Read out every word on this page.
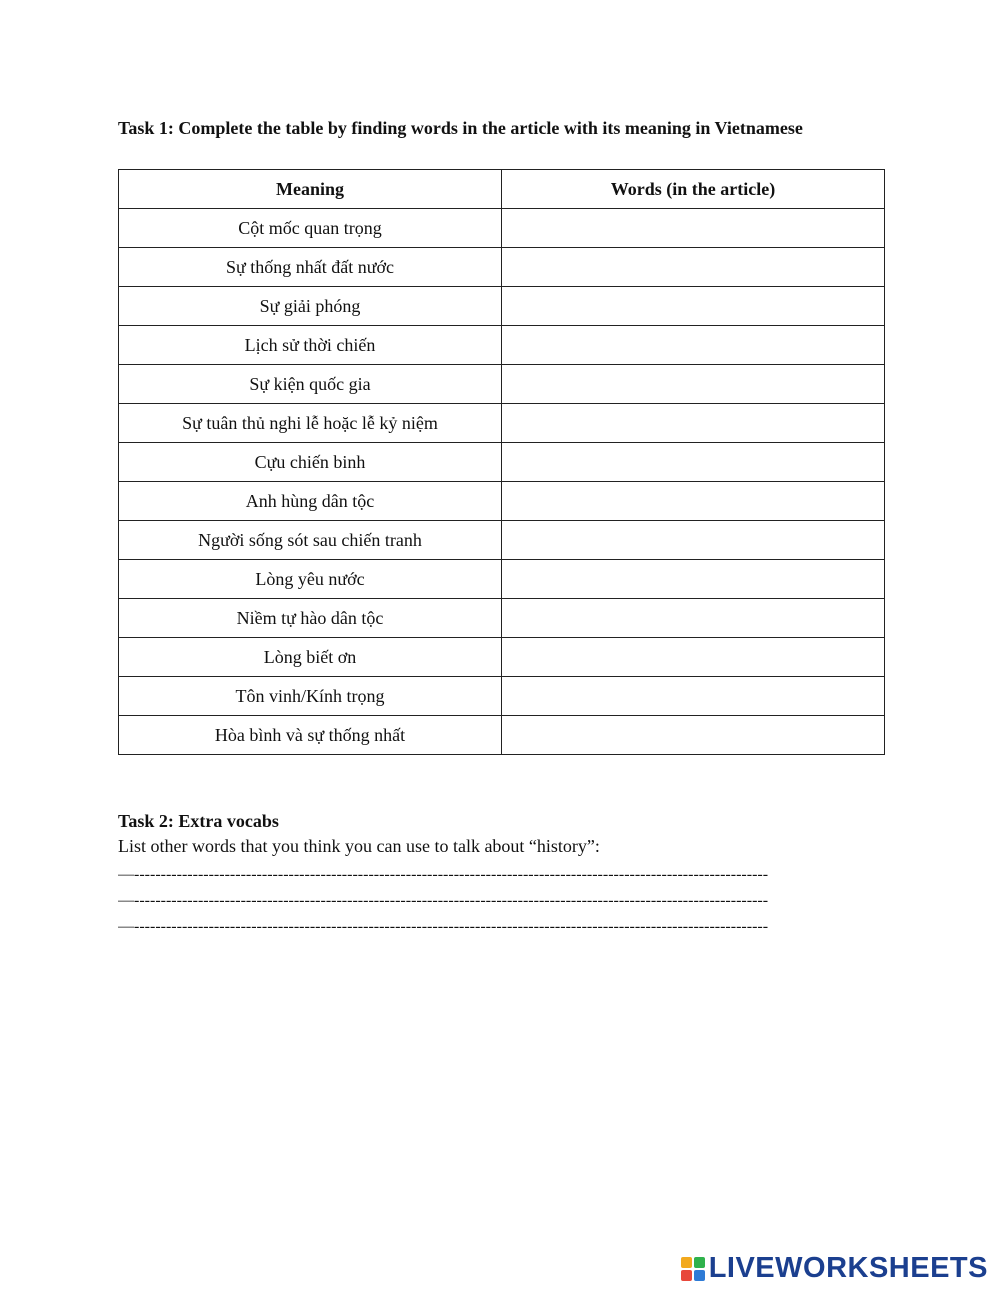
Task 1: Complete the table by finding words in the article with its meaning in Vietnamese
Meaning	Words (in the article)
Cột mốc quan trọng	
Sự thống nhất đất nước	
Sự giải phóng	
Lịch sử thời chiến	
Sự kiện quốc gia	
Sự tuân thủ nghi lễ hoặc lễ kỷ niệm	
Cựu chiến binh	
Anh hùng dân tộc	
Người sống sót sau chiến tranh	
Lòng yêu nước	
Niềm tự hào dân tộc	
Lòng biết ơn	
Tôn vinh/Kính trọng	
Hòa bình và sự thống nhất	
Task 2: Extra vocabs
List other words that you think you can use to talk about “history”:
—-----------------------------------------------------------------------------------------------------------------------
—-----------------------------------------------------------------------------------------------------------------------
—-----------------------------------------------------------------------------------------------------------------------
LIVEWORKSHEETS
